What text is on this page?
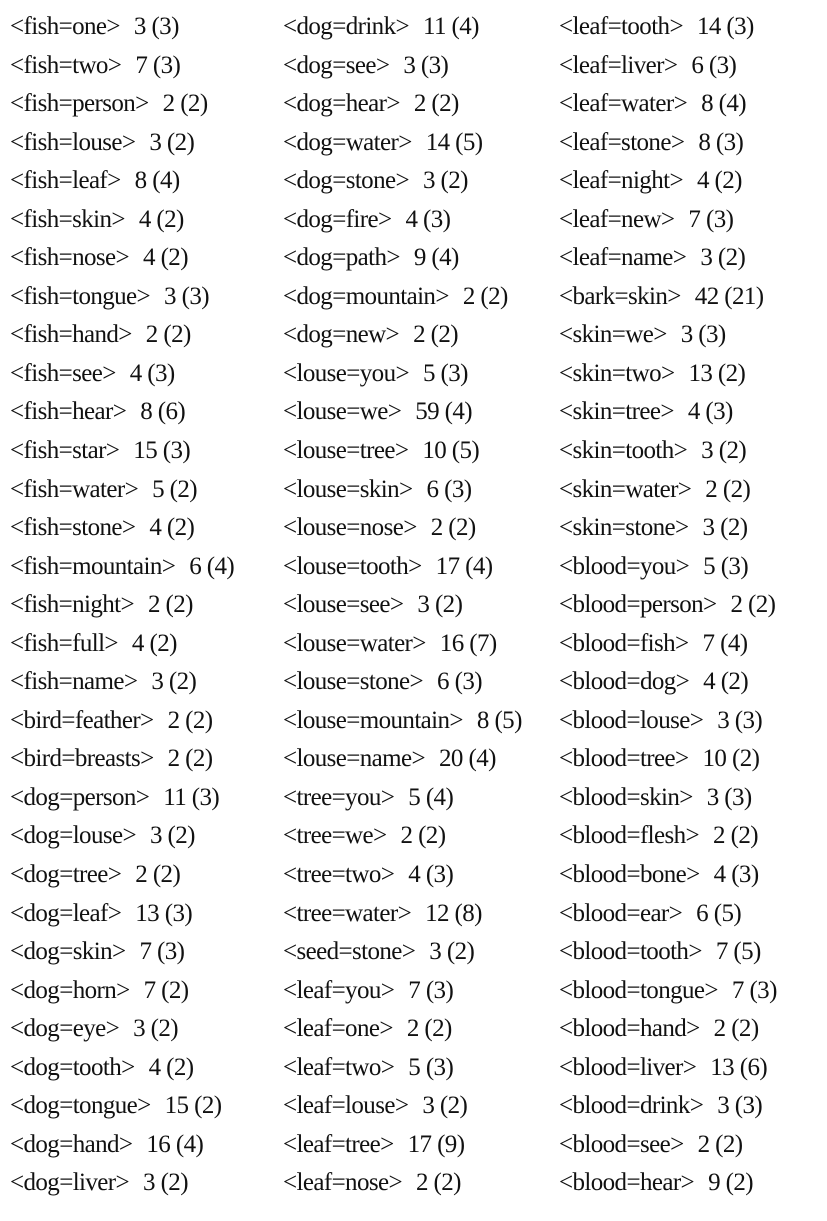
<fish=one> 3 (3)
<fish=two> 7 (3)
<fish=person> 2 (2)
<fish=louse> 3 (2)
<fish=leaf> 8 (4)
<fish=skin> 4 (2)
<fish=nose> 4 (2)
<fish=tongue> 3 (3)
<fish=hand> 2 (2)
<fish=see> 4 (3)
<fish=hear> 8 (6)
<fish=star> 15 (3)
<fish=water> 5 (2)
<fish=stone> 4 (2)
<fish=mountain> 6 (4)
<fish=night> 2 (2)
<fish=full> 4 (2)
<fish=name> 3 (2)
<bird=feather> 2 (2)
<bird=breasts> 2 (2)
<dog=person> 11 (3)
<dog=louse> 3 (2)
<dog=tree> 2 (2)
<dog=leaf> 13 (3)
<dog=skin> 7 (3)
<dog=horn> 7 (2)
<dog=eye> 3 (2)
<dog=tooth> 4 (2)
<dog=tongue> 15 (2)
<dog=hand> 16 (4)
<dog=liver> 3 (2)
<dog=drink> 11 (4)
<dog=see> 3 (3)
<dog=hear> 2 (2)
<dog=water> 14 (5)
<dog=stone> 3 (2)
<dog=fire> 4 (3)
<dog=path> 9 (4)
<dog=mountain> 2 (2)
<dog=new> 2 (2)
<louse=you> 5 (3)
<louse=we> 59 (4)
<louse=tree> 10 (5)
<louse=skin> 6 (3)
<louse=nose> 2 (2)
<louse=tooth> 17 (4)
<louse=see> 3 (2)
<louse=water> 16 (7)
<louse=stone> 6 (3)
<louse=mountain> 8 (5)
<louse=name> 20 (4)
<tree=you> 5 (4)
<tree=we> 2 (2)
<tree=two> 4 (3)
<tree=water> 12 (8)
<seed=stone> 3 (2)
<leaf=you> 7 (3)
<leaf=one> 2 (2)
<leaf=two> 5 (3)
<leaf=louse> 3 (2)
<leaf=tree> 17 (9)
<leaf=nose> 2 (2)
<leaf=tooth> 14 (3)
<leaf=liver> 6 (3)
<leaf=water> 8 (4)
<leaf=stone> 8 (3)
<leaf=night> 4 (2)
<leaf=new> 7 (3)
<leaf=name> 3 (2)
<bark=skin> 42 (21)
<skin=we> 3 (3)
<skin=two> 13 (2)
<skin=tree> 4 (3)
<skin=tooth> 3 (2)
<skin=water> 2 (2)
<skin=stone> 3 (2)
<blood=you> 5 (3)
<blood=person> 2 (2)
<blood=fish> 7 (4)
<blood=dog> 4 (2)
<blood=louse> 3 (3)
<blood=tree> 10 (2)
<blood=skin> 3 (3)
<blood=flesh> 2 (2)
<blood=bone> 4 (3)
<blood=ear> 6 (5)
<blood=tooth> 7 (5)
<blood=tongue> 7 (3)
<blood=hand> 2 (2)
<blood=liver> 13 (6)
<blood=drink> 3 (3)
<blood=see> 2 (2)
<blood=hear> 9 (2)
